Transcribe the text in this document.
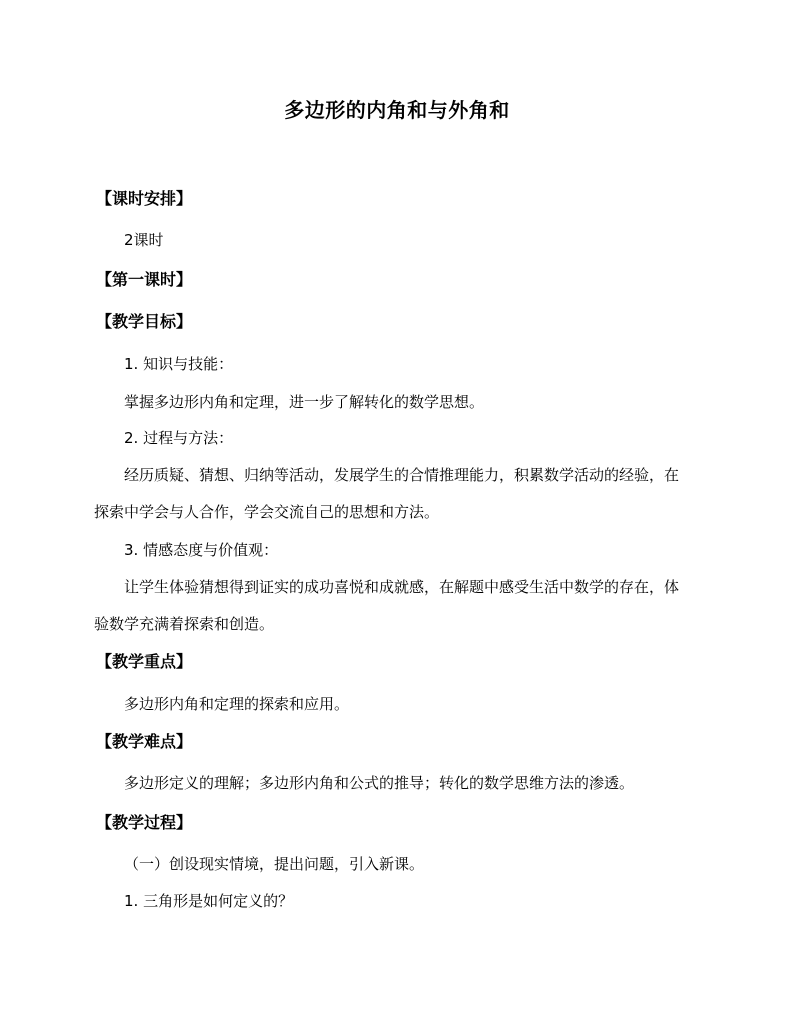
多边形的内角和与外角和
【课时安排】
2课时
【第一课时】
【教学目标】
1. 知识与技能：
掌握多边形内角和定理，进一步了解转化的数学思想。
2. 过程与方法：
经历质疑、猜想、归纳等活动，发展学生的合情推理能力，积累数学活动的经验，在
探索中学会与人合作，学会交流自己的思想和方法。
3. 情感态度与价值观：
让学生体验猜想得到证实的成功喜悦和成就感，在解题中感受生活中数学的存在，体
验数学充满着探索和创造。
【教学重点】
多边形内角和定理的探索和应用。
【教学难点】
多边形定义的理解；多边形内角和公式的推导；转化的数学思维方法的渗透。
【教学过程】
（一）创设现实情境，提出问题，引入新课。
1. 三角形是如何定义的？
